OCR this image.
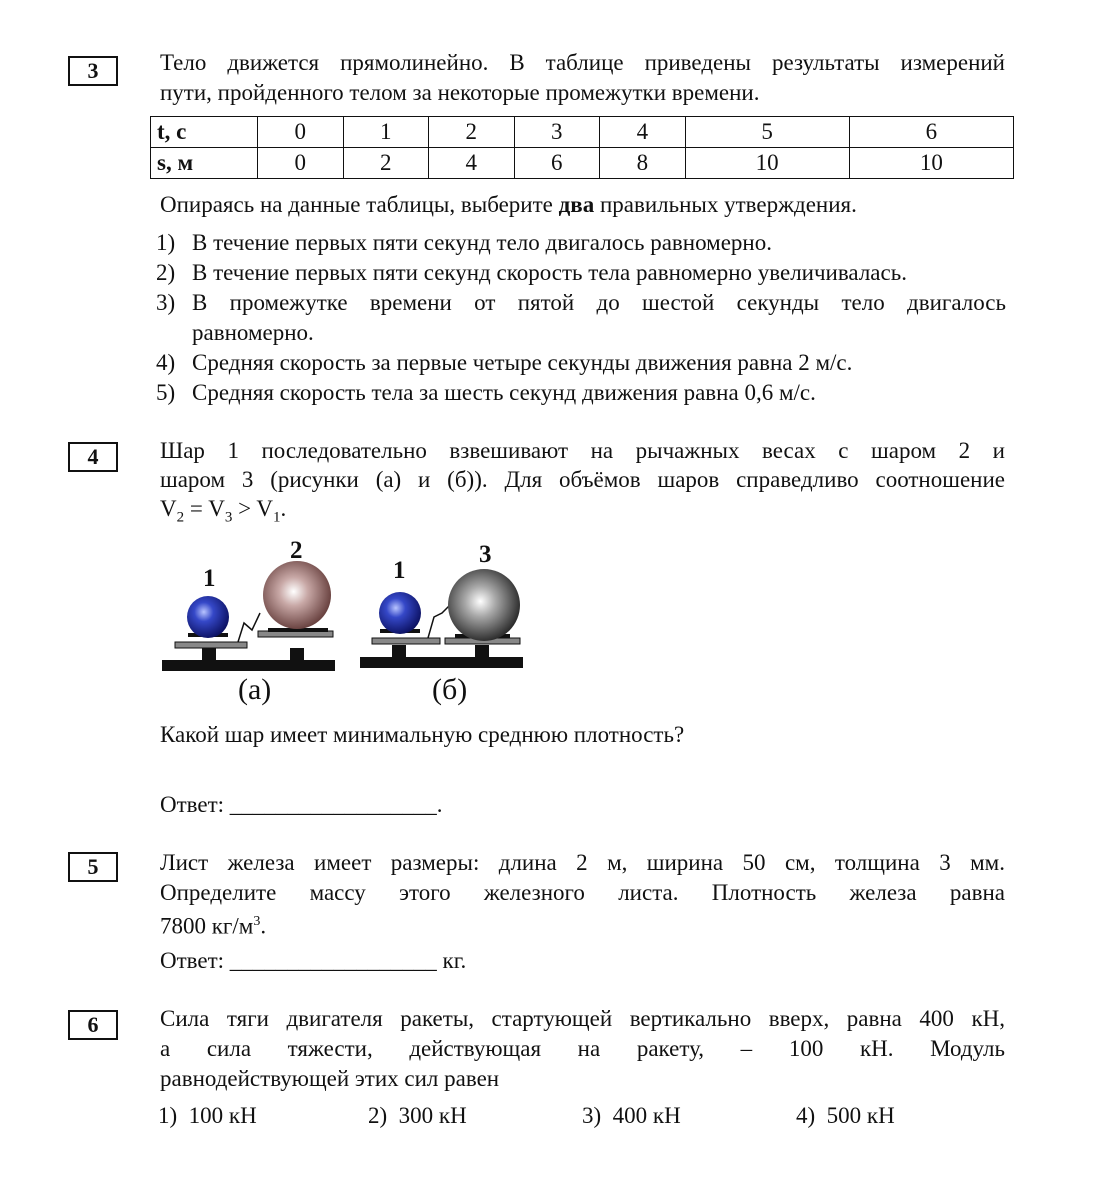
3	Тело движется прямолинейно. В таблице приведены результаты измерений
пути, пройденного телом за некоторые промежутки времени.
t, c	0	1	2	3	4	5	6
s, м	0	2	4	6	8	10	10
Опираясь на данные таблицы, выберите два правильных утверждения.
1) В течение первых пяти секунд тело двигалось равномерно.
2) В течение первых пяти секунд скорость тела равномерно увеличивалась.
3) В промежутке времени от пятой до шестой секунды тело двигалось
равномерно.
4) Средняя скорость за первые четыре секунды движения равна 2 м/с.
5) Средняя скорость тела за шесть секунд движения равна 0,6 м/с.
4	Шар 1 последовательно взвешивают на рычажных весах с шаром 2 и
шаром 3 (рисунки (а) и (б)). Для объёмов шаров справедливо соотношение
$V_2 = V_3 > V_1$.
1
2
1
3
(а)	(б)
Какой шар имеет минимальную среднюю плотность?
Ответ: __________________.
5	Лист железа имеет размеры: длина 2 м, ширина 50 см, толщина 3 мм.
Определите массу этого железного листа. Плотность железа равна
7800 $кг/м^3$.
Ответ: __________________ кг.
6	Сила тяги двигателя ракеты, стартующей вертикально вверх, равна 400 кН,
а сила тяжести, действующая на ракету, – 100 кН. Модуль
равнодействующей этих сил равен
1) 100 кН	2) 300 кН	3) 400 кН	4) 500 кН
